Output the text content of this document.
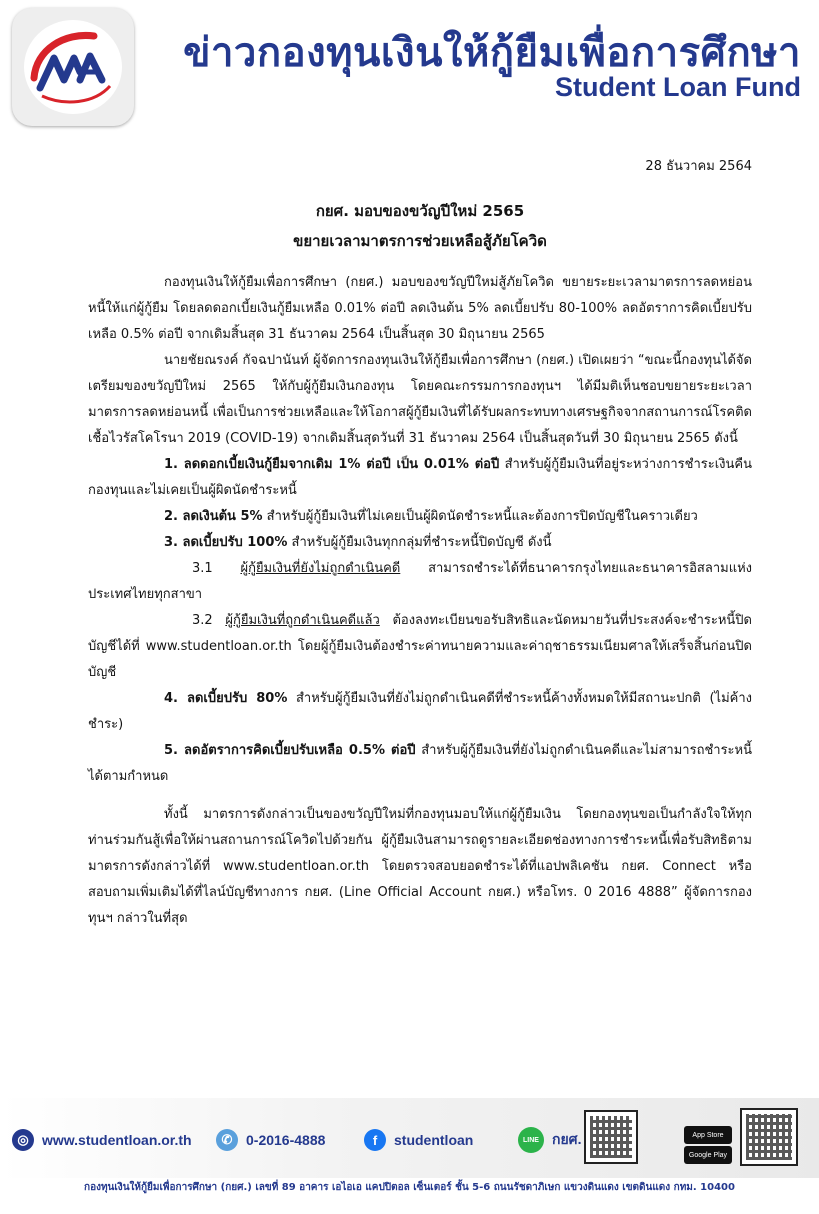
ข่าวกองทุนเงินให้กู้ยืมเพื่อการศึกษา
Student Loan Fund
28 ธันวาคม 2564
กยศ. มอบของขวัญปีใหม่ 2565
ขยายเวลามาตรการช่วยเหลือสู้ภัยโควิด

กองทุนเงินให้กู้ยืมเพื่อการศึกษา (กยศ.) มอบของขวัญปีใหม่สู้ภัยโควิด ขยายระยะเวลามาตรการลดหย่อนหนี้ให้แก่ผู้กู้ยืม โดยลดดอกเบี้ยเงินกู้ยืมเหลือ 0.01% ต่อปี ลดเงินต้น 5% ลดเบี้ยปรับ 80-100% ลดอัตราการคิดเบี้ยปรับเหลือ 0.5% ต่อปี จากเดิมสิ้นสุด 31 ธันวาคม 2564 เป็นสิ้นสุด 30 มิถุนายน 2565

นายชัยณรงค์ กัจฉปานันท์ ผู้จัดการกองทุนเงินให้กู้ยืมเพื่อการศึกษา (กยศ.) เปิดเผยว่า “ขณะนี้กองทุนได้จัดเตรียมของขวัญปีใหม่ 2565 ให้กับผู้กู้ยืมเงินกองทุน โดยคณะกรรมการกองทุนฯ ได้มีมติเห็นชอบขยายระยะเวลามาตรการลดหย่อนหนี้ เพื่อเป็นการช่วยเหลือและให้โอกาสผู้กู้ยืมเงินที่ได้รับผลกระทบทางเศรษฐกิจจากสถานการณ์โรคติดเชื้อไวรัสโคโรนา 2019 (COVID-19) จากเดิมสิ้นสุดวันที่ 31 ธันวาคม 2564 เป็นสิ้นสุดวันที่ 30 มิถุนายน 2565 ดังนี้

1. ลดดอกเบี้ยเงินกู้ยืมจากเดิม 1% ต่อปี เป็น 0.01% ต่อปี สำหรับผู้กู้ยืมเงินที่อยู่ระหว่างการชำระเงินคืนกองทุนและไม่เคยเป็นผู้ผิดนัดชำระหนี้

2. ลดเงินต้น 5% สำหรับผู้กู้ยืมเงินที่ไม่เคยเป็นผู้ผิดนัดชำระหนี้และต้องการปิดบัญชีในคราวเดียว

3. ลดเบี้ยปรับ 100% สำหรับผู้กู้ยืมเงินทุกกลุ่มที่ชำระหนี้ปิดบัญชี ดังนี้

3.1 ผู้กู้ยืมเงินที่ยังไม่ถูกดำเนินคดี สามารถชำระได้ที่ธนาคารกรุงไทยและธนาคารอิสลามแห่งประเทศไทยทุกสาขา

3.2 ผู้กู้ยืมเงินที่ถูกดำเนินคดีแล้ว ต้องลงทะเบียนขอรับสิทธิและนัดหมายวันที่ประสงค์จะชำระหนี้ปิดบัญชีได้ที่ www.studentloan.or.th โดยผู้กู้ยืมเงินต้องชำระค่าทนายความและค่าฤชาธรรมเนียมศาลให้เสร็จสิ้นก่อนปิดบัญชี

4. ลดเบี้ยปรับ 80% สำหรับผู้กู้ยืมเงินที่ยังไม่ถูกดำเนินคดีที่ชำระหนี้ค้างทั้งหมดให้มีสถานะปกติ (ไม่ค้างชำระ)

5. ลดอัตราการคิดเบี้ยปรับเหลือ 0.5% ต่อปี สำหรับผู้กู้ยืมเงินที่ยังไม่ถูกดำเนินคดีและไม่สามารถชำระหนี้ได้ตามกำหนด

ทั้งนี้ มาตรการดังกล่าวเป็นของขวัญปีใหม่ที่กองทุนมอบให้แก่ผู้กู้ยืมเงิน โดยกองทุนขอเป็นกำลังใจให้ทุกท่านร่วมกันสู้เพื่อให้ผ่านสถานการณ์โควิดไปด้วยกัน ผู้กู้ยืมเงินสามารถดูรายละเอียดช่องทางการชำระหนี้เพื่อรับสิทธิตามมาตรการดังกล่าวได้ที่ www.studentloan.or.th โดยตรวจสอบยอดชำระได้ที่แอปพลิเคชัน กยศ. Connect หรือสอบถามเพิ่มเติมได้ที่ไลน์บัญชีทางการ กยศ. (Line Official Account กยศ.) หรือโทร. 0 2016 4888” ผู้จัดการกองทุนฯ กล่าวในที่สุด

◎ www.studentloan.or.th	✆ 0-2016-4888	f	studentloan	LINE กยศ.	App Store
Google Play
กองทุนเงินให้กู้ยืมเพื่อการศึกษา (กยศ.) เลขที่ 89 อาคาร เอไอเอ แคปปิตอล เซ็นเตอร์ ชั้น 5-6 ถนนรัชดาภิเษก แขวงดินแดง เขตดินแดง กทม. 10400
